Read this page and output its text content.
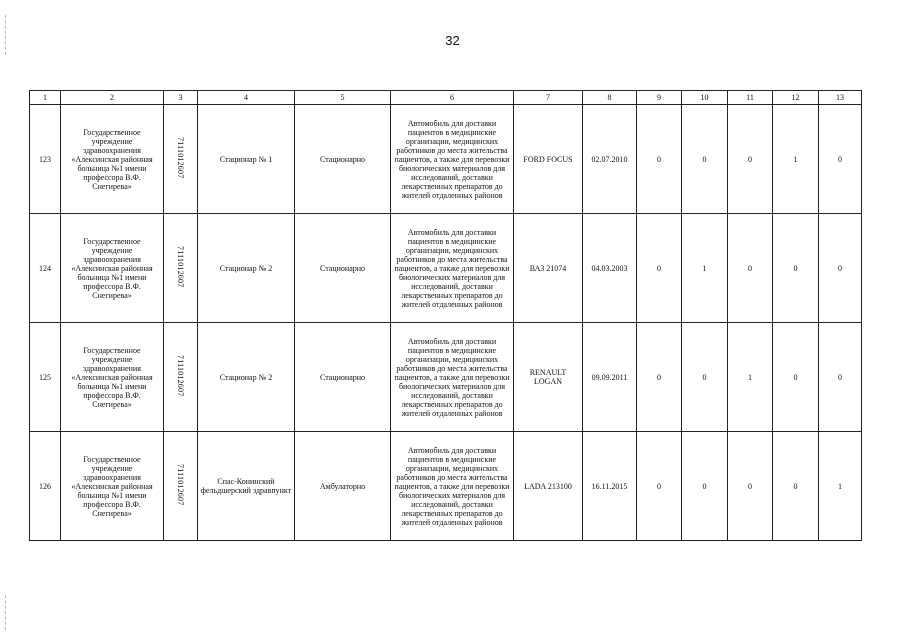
32
1	2	3	4	5	6	7	8	9	10	11	12	13
123	Государственное учреждение здравоохранения «Алексинская районная больница №1 имени профессора В.Ф. Снегирева»	7111012607	Стационар № 1	Стационарно	Автомобиль для доставки пациентов в медицинские организации, медицинских работников до места жительства пациентов, а также для перевозки биологических материалов для исследований, доставки лекарственных препаратов до жителей отдаленных районов	FORD FOCUS	02.07.2010	0	0	0	1	0
124	Государственное учреждение здравоохранения «Алексинская районная больница №1 имени профессора В.Ф. Снегирева»	7111012607	Стационар № 2	Стационарно	Автомобиль для доставки пациентов в медицинские организации, медицинских работников до места жительства пациентов, а также для перевозки биологических материалов для исследований, доставки лекарственных препаратов до жителей отдаленных районов	ВАЗ 21074	04.03.2003	0	1	0	0	0
125	Государственное учреждение здравоохранения «Алексинская районная больница №1 имени профессора В.Ф. Снегирева»	7111012607	Стационар № 2	Стационарно	Автомобиль для доставки пациентов в медицинские организации, медицинских работников до места жительства пациентов, а также для перевозки биологических материалов для исследований, доставки лекарственных препаратов до жителей отдаленных районов	RENAULT LOGAN	09.09.2011	0	0	1	0	0
126	Государственное учреждение здравоохранения «Алексинская районная больница №1 имени профессора В.Ф. Снегирева»	7111012607	Спас-Конинский фельдшерский здравпункт	Амбулаторно	Автомобиль для доставки пациентов в медицинские организации, медицинских работников до места жительства пациентов, а также для перевозки биологических материалов для исследований, доставки лекарственных препаратов до жителей отдаленных районов	LADA 213100	16.11.2015	0	0	0	0	1
